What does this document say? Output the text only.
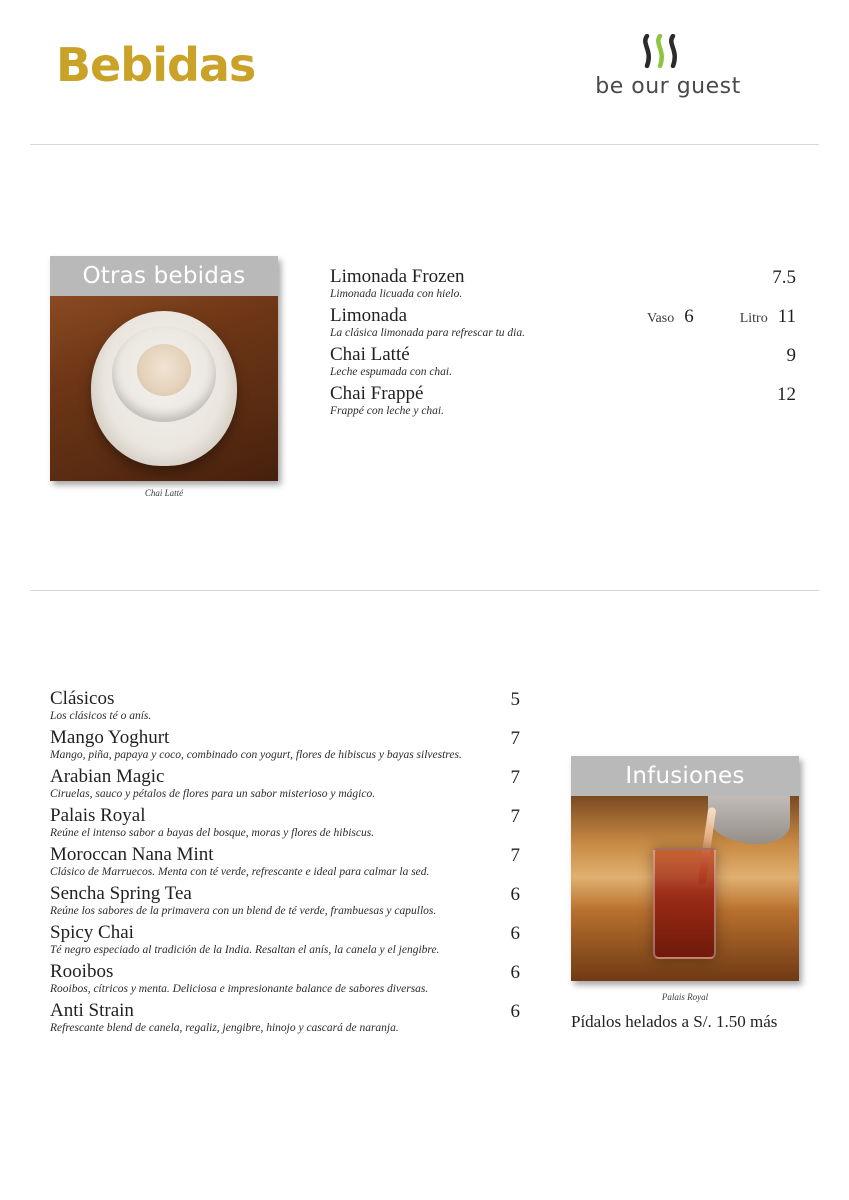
Bebidas	be our guest
Otras bebidas
Chai Latté
Limonada Frozen	7.5
Limonada licuada con hielo.
Limonada	Vaso 6	Litro 11
La clásica limonada para refrescar tu dia.
Chai Latté	9
Leche espumada con chai.
Chai Frappé	12
Frappé con leche y chai.
Clásicos	5
Los clásicos té o anís.
Mango Yoghurt	7
Mango, piña, papaya y coco, combinado con yogurt, flores de hibiscus y bayas silvestres.
Arabian Magic	7
Ciruelas, sauco y pétalos de flores para un sabor misterioso y mágico.
Palais Royal	7
Reúne el intenso sabor a bayas del bosque, moras y flores de hibiscus.
Moroccan Nana Mint	7
Clásico de Marruecos. Menta con té verde, refrescante e ideal para calmar la sed.
Sencha Spring Tea	6
Reúne los sabores de la primavera con un blend de té verde, frambuesas y capullos.
Spicy Chai	6
Té negro especiado al tradición de la India. Resaltan el anís, la canela y el jengibre.
Rooibos	6
Rooibos, cítricos y menta. Deliciosa e impresionante balance de sabores diversas.
Anti Strain	6
Refrescante blend de canela, regaliz, jengibre, hinojo y cascará de naranja.
Infusiones
Palais Royal
Pídalos helados a S/. 1.50 más
